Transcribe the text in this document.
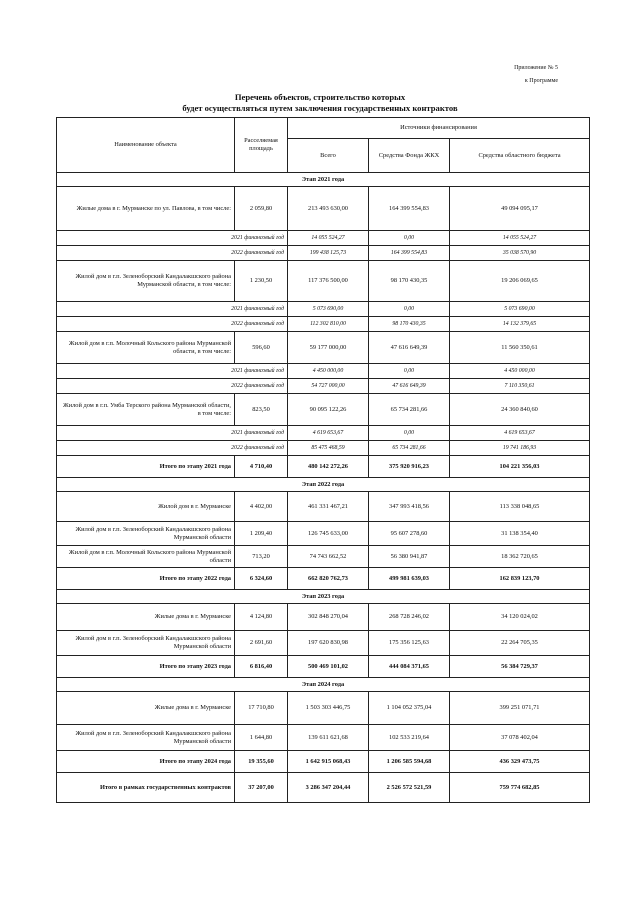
Приложение № 5
к Программе
Перечень объектов, строительство которых
будет осуществляться путем заключения государственных контрактов
Наименование объекта	Расселяемая площадь	Источники финансирования		
		Всего	Средства Фонда ЖКХ	Средства областного бюджета
Этап 2021 года				
Жилые дома в г. Мурманске по ул. Павлова, в том числе:	2 059,80	213 493 630,00	164 399 554,83	49 094 095,17
2021 финансовый год		14 055 524,27	0,00	14 055 524,27
2022 финансовый год		199 438 125,73	164 399 554,83	35 038 570,90
Жилой дом в г.п. Зеленоборский Кандалакшского района Мурманской области, в том числе:	1 230,50	117 376 500,00	98 170 430,35	19 206 069,65
2021 финансовый год		5 073 690,00	0,00	5 073 690,00
2022 финансовый год		112 302 810,00	98 170 430,35	14 132 379,65
Жилой дом в г.п. Молочный Кольского района Мурманской области, в том числе:	596,60	59 177 000,00	47 616 649,39	11 560 350,61
2021 финансовый год		4 450 000,00	0,00	4 450 000,00
2022 финансовый год		54 727 000,00	47 616 649,39	7 110 350,61
Жилой дом в г.п. Умба Терского района Мурманской области, в том числе:	823,50	90 095 122,26	65 734 281,66	24 360 840,60
2021 финансовый год		4 619 653,67	0,00	4 619 653,67
2022 финансовый год		85 475 468,59	65 734 281,66	19 741 186,93
Итого по этапу 2021 года	4 710,40	480 142 272,26	375 920 916,23	104 221 356,03
Этап 2022 года				
Жилой дом в г. Мурманске	4 402,00	461 331 467,21	347 993 418,56	113 338 048,65
Жилой дом в г.п. Зеленоборский Кандалакшского района Мурманской области	1 209,40	126 745 633,00	95 607 278,60	31 138 354,40
Жилой дом в г.п. Молочный Кольского района Мурманской области	713,20	74 743 662,52	56 380 941,87	18 362 720,65
Итого по этапу 2022 года	6 324,60	662 820 762,73	499 981 639,03	162 839 123,70
Этап 2023 года				
Жилые дома в г. Мурманске	4 124,80	302 848 270,04	268 728 246,02	34 120 024,02
Жилой дом в г.п. Зеленоборский Кандалакшского района Мурманской области	2 691,60	197 620 830,98	175 356 125,63	22 264 705,35
Итого по этапу 2023 года	6 816,40	500 469 101,02	444 084 371,65	56 384 729,37
Этап 2024 года				
Жилые дома в г. Мурманске	17 710,80	1 503 303 446,75	1 104 052 375,04	399 251 071,71
Жилой дом в г.п. Зеленоборский Кандалакшского района Мурманской области	1 644,80	139 611 621,68	102 533 219,64	37 078 402,04
Итого по этапу 2024 года	19 355,60	1 642 915 068,43	1 206 585 594,68	436 329 473,75
Итого в рамках государственных контрактов	37 207,00	3 286 347 204,44	2 526 572 521,59	759 774 682,85
